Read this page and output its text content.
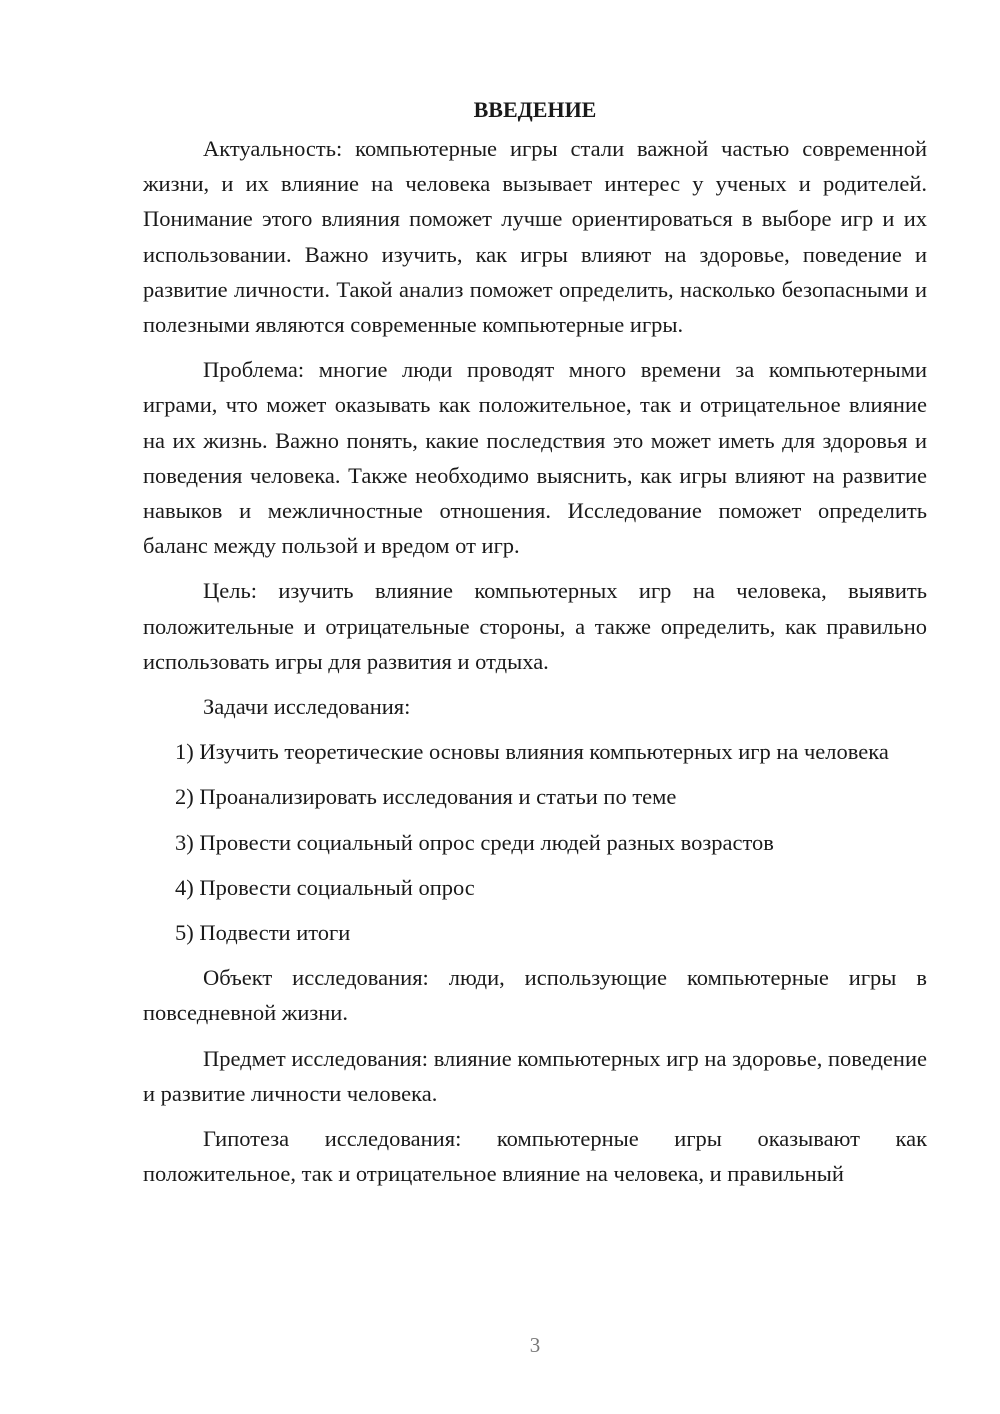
ВВЕДЕНИЕ

Актуальность: компьютерные игры стали важной частью современной жизни, и их влияние на человека вызывает интерес у ученых и родителей. Понимание этого влияния поможет лучше ориентироваться в выборе игр и их использовании. Важно изучить, как игры влияют на здоровье, поведение и развитие личности. Такой анализ поможет определить, насколько безопасными и полезными являются современные компьютерные игры.

Проблема: многие люди проводят много времени за компьютерными играми, что может оказывать как положительное, так и отрицательное влияние на их жизнь. Важно понять, какие последствия это может иметь для здоровья и поведения человека. Также необходимо выяснить, как игры влияют на развитие навыков и межличностные отношения. Исследование поможет определить баланс между пользой и вредом от игр.

Цель: изучить влияние компьютерных игр на человека, выявить положительные и отрицательные стороны, а также определить, как правильно использовать игры для развития и отдыха.

Задачи исследования:

1) Изучить теоретические основы влияния компьютерных игр на человека

2) Проанализировать исследования и статьи по теме

3) Провести социальный опрос среди людей разных возрастов

4) Провести социальный опрос

5) Подвести итоги

Объект исследования: люди, использующие компьютерные игры в повседневной жизни.

Предмет исследования: влияние компьютерных игр на здоровье, поведение и развитие личности человека.

Гипотеза исследования: компьютерные игры оказывают как положительное, так и отрицательное влияние на человека, и правильный

3
